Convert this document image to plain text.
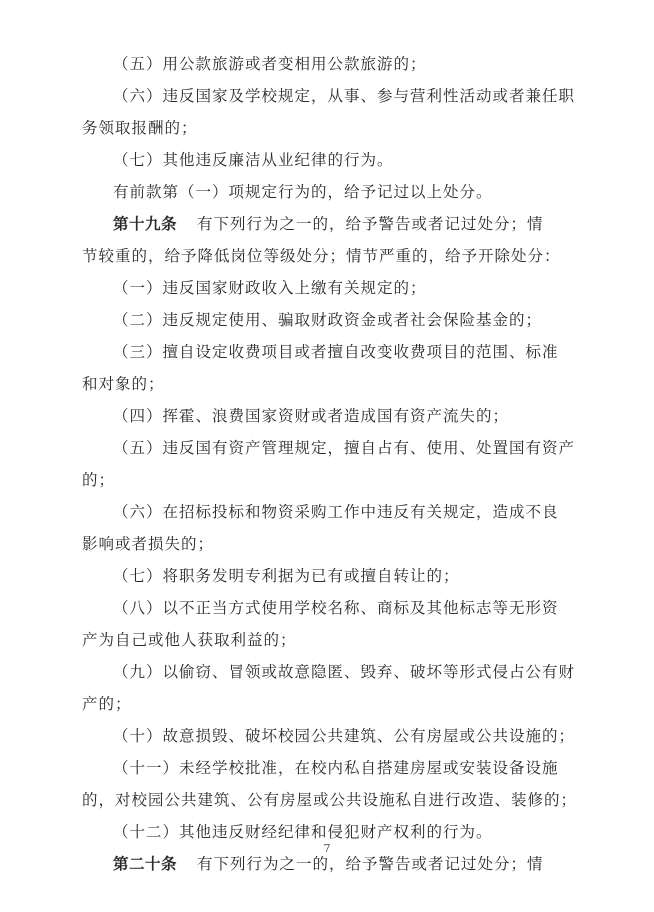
（五）用公款旅游或者变相用公款旅游的；
（六）违反国家及学校规定，从事、参与营利性活动或者兼任职
务领取报酬的；
（七）其他违反廉洁从业纪律的行为。
有前款第（一）项规定行为的，给予记过以上处分。
第十九条 有下列行为之一的，给予警告或者记过处分；情
节较重的，给予降低岗位等级处分；情节严重的，给予开除处分：
（一）违反国家财政收入上缴有关规定的；
（二）违反规定使用、骗取财政资金或者社会保险基金的；
（三）擅自设定收费项目或者擅自改变收费项目的范围、标准
和对象的；
（四）挥霍、浪费国家资财或者造成国有资产流失的；
（五）违反国有资产管理规定，擅自占有、使用、处置国有资产
的；
（六）在招标投标和物资采购工作中违反有关规定，造成不良
影响或者损失的；
（七）将职务发明专利据为已有或擅自转让的；
（八）以不正当方式使用学校名称、商标及其他标志等无形资
产为自己或他人获取利益的；
（九）以偷窃、冒领或故意隐匿、毁弃、破坏等形式侵占公有财
产的；
（十）故意损毁、破坏校园公共建筑、公有房屋或公共设施的；
（十一）未经学校批准，在校内私自搭建房屋或安装设备设施
的，对校园公共建筑、公有房屋或公共设施私自进行改造、装修的；
（十二）其他违反财经纪律和侵犯财产权利的行为。
第二十条 有下列行为之一的，给予警告或者记过处分；情
7
